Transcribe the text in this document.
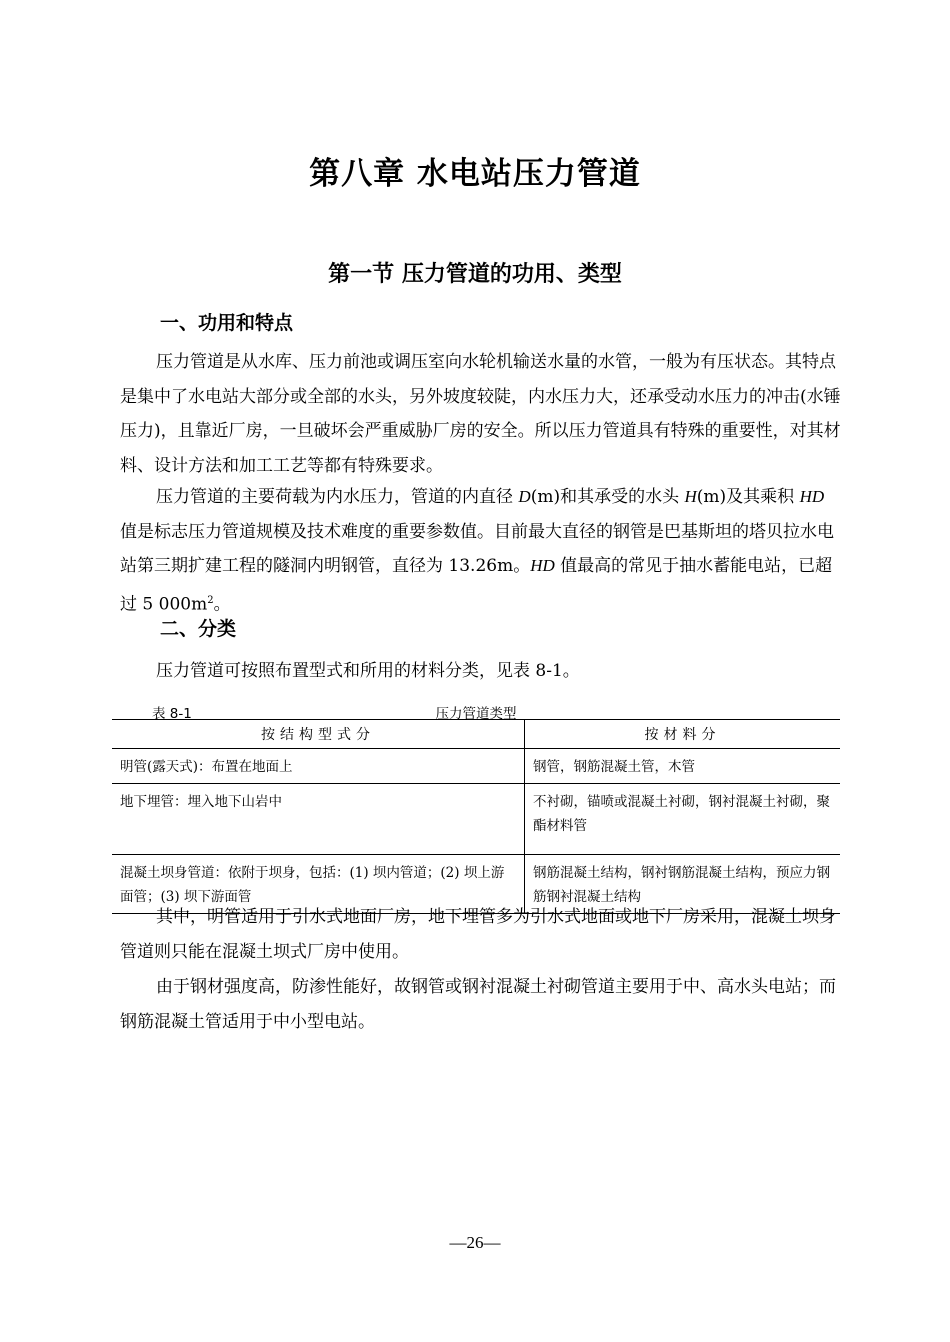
第八章 水电站压力管道
第一节 压力管道的功用、类型
一、功用和特点

压力管道是从水库、压力前池或调压室向水轮机输送水量的水管，一般为有压状态。其特点是集中了水电站大部分或全部的水头，另外坡度较陡，内水压力大，还承受动水压力的冲击(水锤压力)，且靠近厂房，一旦破坏会严重威胁厂房的安全。所以压力管道具有特殊的重要性，对其材料、设计方法和加工工艺等都有特殊要求。

压力管道的主要荷载为内水压力，管道的内直径 D(m)和其承受的水头 H(m)及其乘积 HD 值是标志压力管道规模及技术难度的重要参数值。目前最大直径的钢管是巴基斯坦的塔贝拉水电站第三期扩建工程的隧洞内明钢管，直径为 13.26m。HD 值最高的常见于抽水蓄能电站，已超过 5 $000m^2$。

二、分类

压力管道可按照布置型式和所用的材料分类，见表 8-1。

表 8-1	压力管道类型
按结构型式分	按材料分
明管(露天式)：布置在地面上	钢管，钢筋混凝土管，木管
地下埋管：埋入地下山岩中	不衬砌，锚喷或混凝土衬砌，钢衬混凝土衬砌，聚酯材料管
混凝土坝身管道：依附于坝身，包括：(1) 坝内管道；(2) 坝上游面管；(3) 坝下游面管	钢筋混凝土结构，钢衬钢筋混凝土结构，预应力钢筋钢衬混凝土结构

其中，明管适用于引水式地面厂房，地下埋管多为引水式地面或地下厂房采用，混凝土坝身管道则只能在混凝土坝式厂房中使用。

由于钢材强度高，防渗性能好，故钢管或钢衬混凝土衬砌管道主要用于中、高水头电站；而钢筋混凝土管适用于中小型电站。

—26—
